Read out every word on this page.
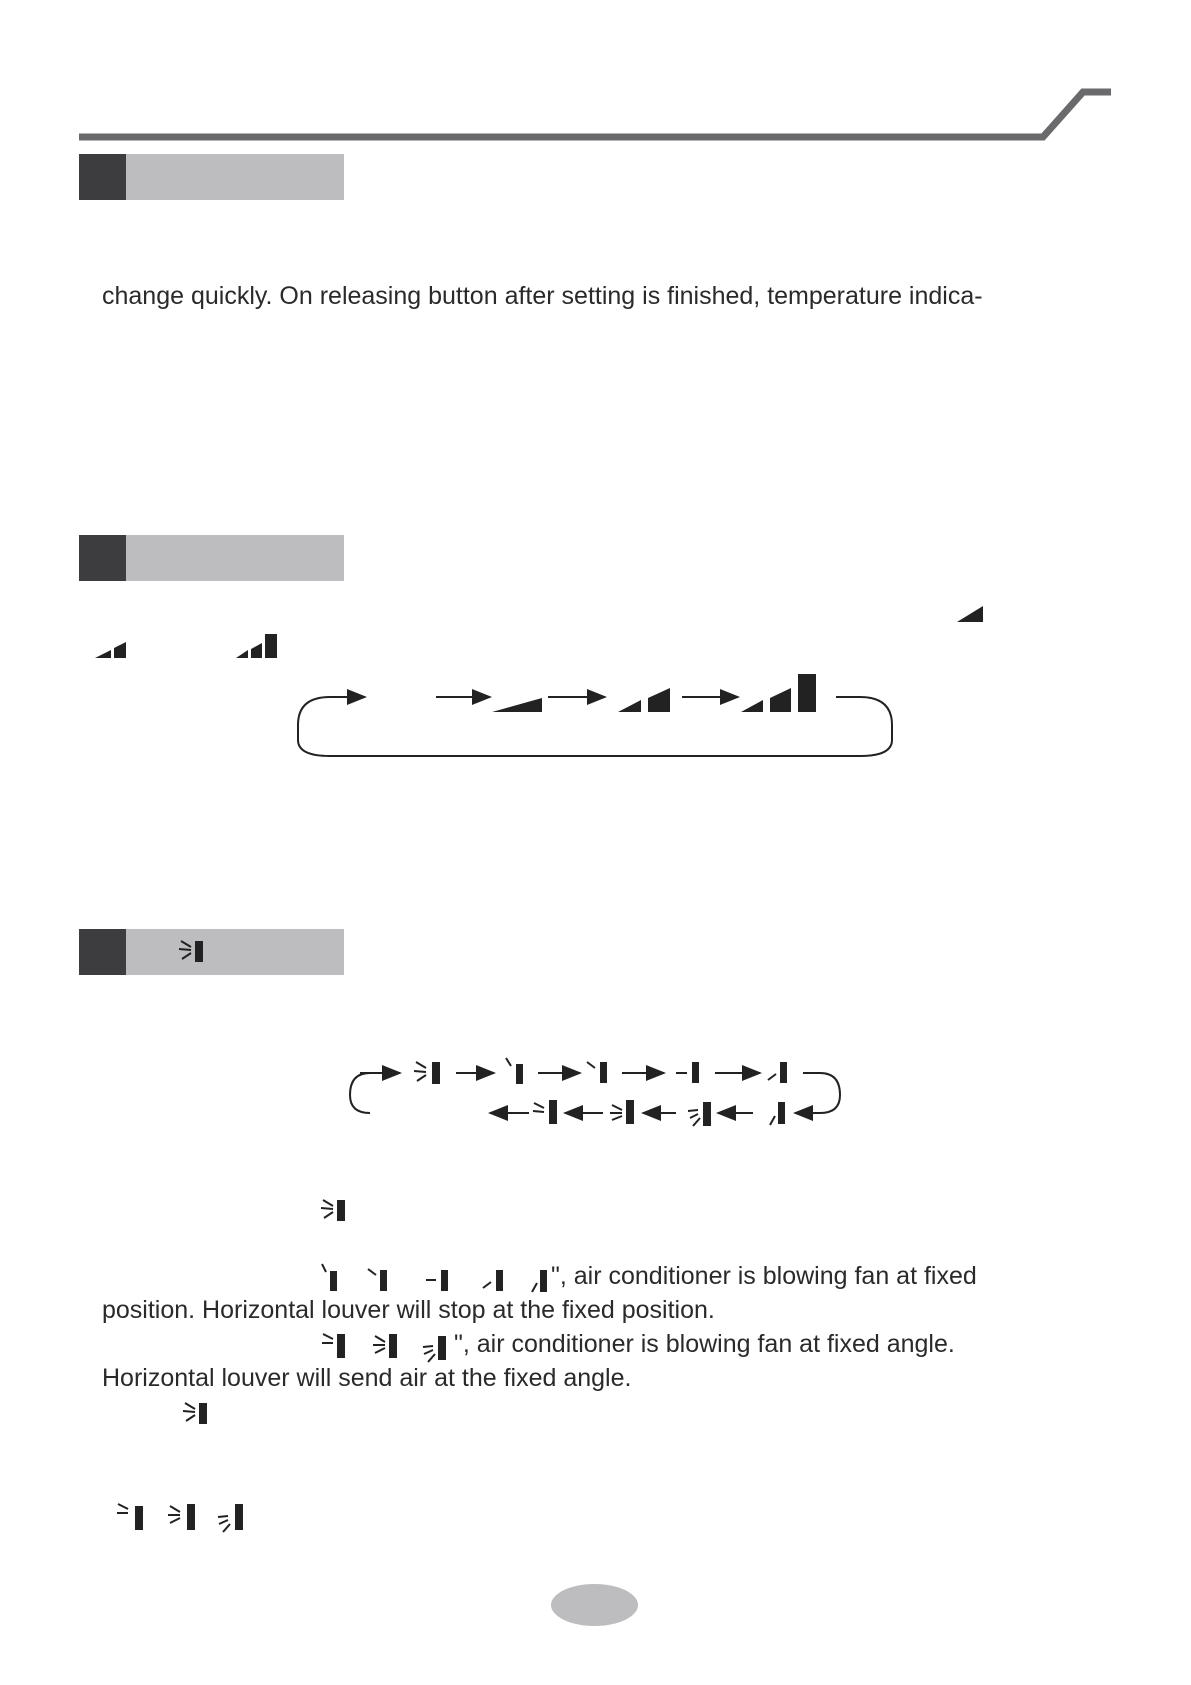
change quickly. On releasing button after setting is finished, temperature indica-
", air conditioner is blowing fan at fixed
position. Horizontal louver will stop at the fixed position.
", air conditioner is blowing fan at fixed angle.
Horizontal louver will send air at the fixed angle.
